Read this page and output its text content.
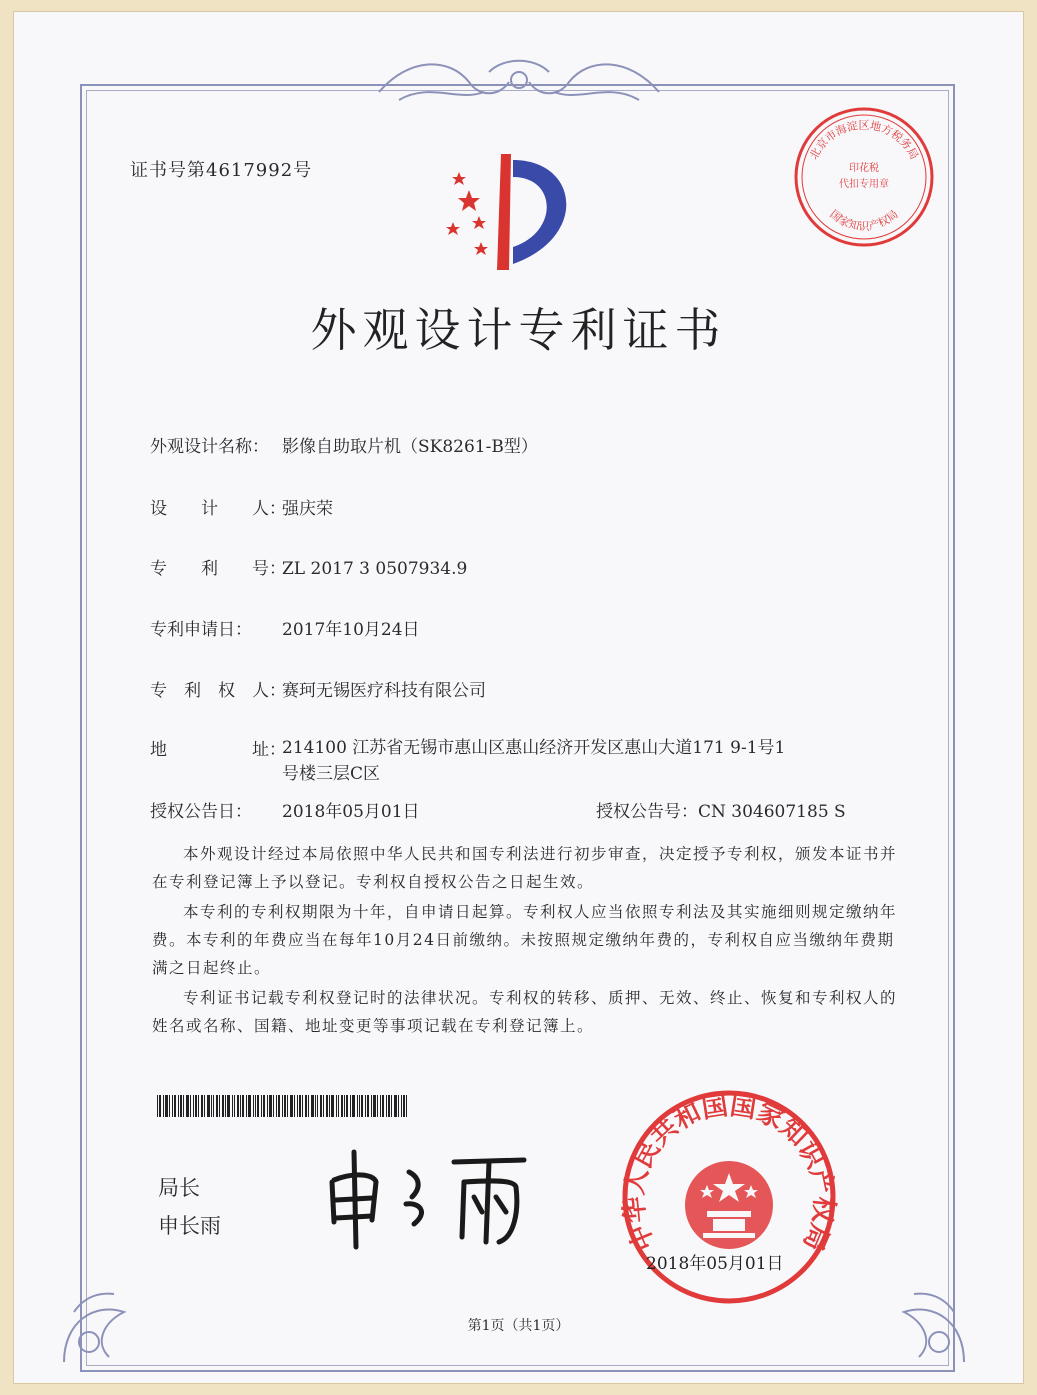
证书号第4617992号
北京市海淀区地方税务局
印花税
代扣专用章
国家知识产权局
外观设计专利证书
外观设计名称： 影像自助取片机（SK8261-B型）
设　　计　　人：强庆荣
专　　利　　号：ZL 2017 3 0507934.9
专利申请日： 2017年10月24日
专　利　权　人：赛珂无锡医疗科技有限公司
地　　　　　址：214100 江苏省无锡市惠山区惠山经济开发区惠山大道171 9-1号1号楼三层C区
授权公告日： 2018年05月01日	授权公告号：CN 304607185 S
本外观设计经过本局依照中华人民共和国专利法进行初步审查，决定授予专利权，颁发本证书并在专利登记簿上予以登记。专利权自授权公告之日起生效。
本专利的专利权期限为十年，自申请日起算。专利权人应当依照专利法及其实施细则规定缴纳年费。本专利的年费应当在每年10月24日前缴纳。未按照规定缴纳年费的，专利权自应当缴纳年费期满之日起终止。
专利证书记载专利权登记时的法律状况。专利权的转移、质押、无效、终止、恢复和专利权人的姓名或名称、国籍、地址变更等事项记载在专利登记簿上。
局长
申长雨	中华人民共和国国家知识产权局
2018年05月01日
第1页（共1页）
